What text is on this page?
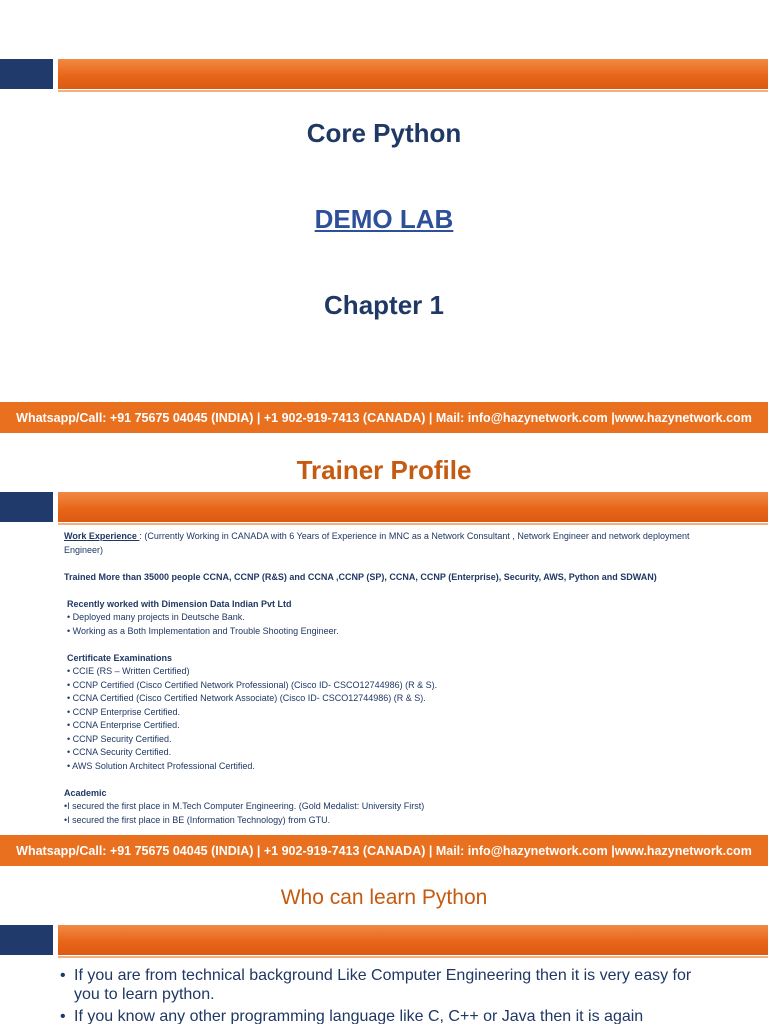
Core Python
DEMO LAB
Chapter 1
Whatsapp/Call: +91 75675 04045 (INDIA) | +1 902-919-7413 (CANADA) | Mail: info@hazynetwork.com |www.hazynetwork.com
Trainer Profile
Work Experience : (Currently Working in CANADA with 6 Years of Experience in MNC as a Network Consultant , Network Engineer and network deployment Engineer)
Trained More than 35000 people CCNA, CCNP (R&S) and CCNA ,CCNP (SP), CCNA, CCNP (Enterprise), Security, AWS, Python and SDWAN)
Recently worked with Dimension Data Indian Pvt Ltd
• Deployed many projects in Deutsche Bank.
• Working as a Both Implementation and Trouble Shooting Engineer.
Certificate Examinations
• CCIE (RS – Written Certified)
• CCNP Certified (Cisco Certified Network Professional) (Cisco ID- CSCO12744986) (R & S).
• CCNA Certified (Cisco Certified Network Associate) (Cisco ID- CSCO12744986) (R & S).
• CCNP Enterprise Certified.
• CCNA Enterprise Certified.
• CCNP Security Certified.
• CCNA Security Certified.
• AWS Solution Architect Professional Certified.
Academic
•I secured the first place in M.Tech Computer Engineering. (Gold Medalist: University First)
•I secured the first place in BE (Information Technology) from GTU.
Whatsapp/Call: +91 75675 04045 (INDIA) | +1 902-919-7413 (CANADA) | Mail: info@hazynetwork.com |www.hazynetwork.com
Who can learn Python
• If you are from technical background Like Computer Engineering then it is very easy for you to learn python.
• If you know any other programming language like C, C++ or Java then it is again
